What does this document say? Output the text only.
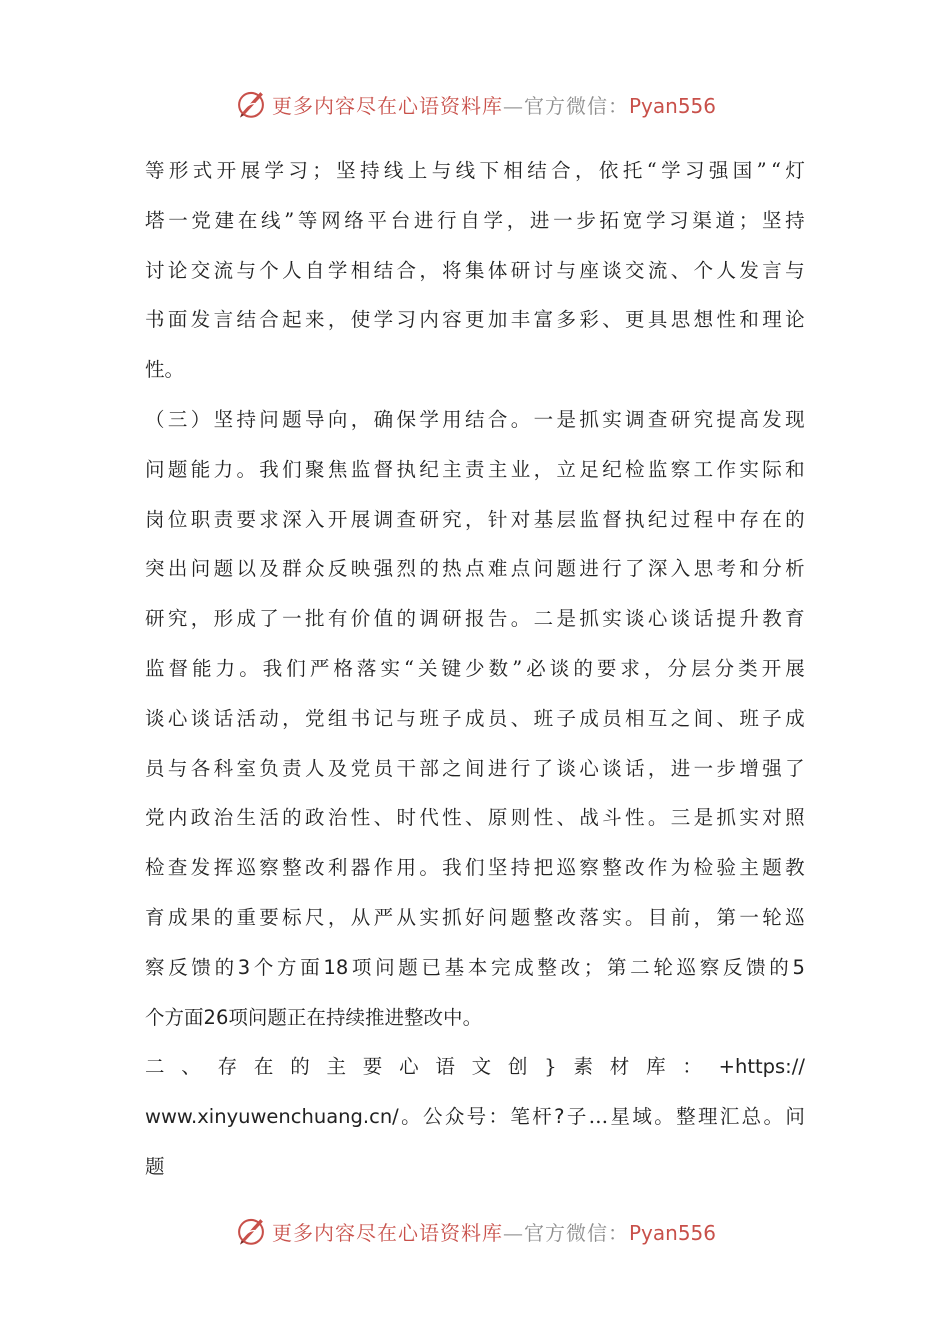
更多内容尽在心语资料库—官方微信：Pyan556
等 形 式 开 展 学 习 ； 坚 持 线 上 与 线 下 相 结 合 ， 依 托 “ 学 习 强 国 ” “ 灯
塔 一 党 建 在 线 ” 等 网 络 平 台 进 行 自 学 ， 进 一 步 拓 宽 学 习 渠 道 ； 坚 持
讨 论 交 流 与 个 人 自 学 相 结 合 ， 将 集 体 研 讨 与 座 谈 交 流 、 个 人 发 言 与
书 面 发 言 结 合 起 来 ， 使 学 习 内 容 更 加 丰 富 多 彩 、 更 具 思 想 性 和 理 论
性 。
（ 三 ） 坚 持 问 题 导 向 ， 确 保 学 用 结 合 。 一 是 抓 实 调 查 研 究 提 高 发 现
问 题 能 力 。 我 们 聚 焦 监 督 执 纪 主 责 主 业 ， 立 足 纪 检 监 察 工 作 实 际 和
岗 位 职 责 要 求 深 入 开 展 调 查 研 究 ， 针 对 基 层 监 督 执 纪 过 程 中 存 在 的
突 出 问 题 以 及 群 众 反 映 强 烈 的 热 点 难 点 问 题 进 行 了 深 入 思 考 和 分 析
研 究 ， 形 成 了 一 批 有 价 值 的 调 研 报 告 。 二 是 抓 实 谈 心 谈 话 提 升 教 育
监 督 能 力 。 我 们 严 格 落 实 “ 关 键 少 数 ” 必 谈 的 要 求 ， 分 层 分 类 开 展
谈 心 谈 话 活 动 ， 党 组 书 记 与 班 子 成 员 、 班 子 成 员 相 互 之 间 、 班 子 成
员 与 各 科 室 负 责 人 及 党 员 干 部 之 间 进 行 了 谈 心 谈 话 ， 进 一 步 增 强 了
党 内 政 治 生 活 的 政 治 性 、 时 代 性 、 原 则 性 、 战 斗 性 。 三 是 抓 实 对 照
检 查 发 挥 巡 察 整 改 利 器 作 用 。 我 们 坚 持 把 巡 察 整 改 作 为 检 验 主 题 教
育 成 果 的 重 要 标 尺 ， 从 严 从 实 抓 好 问 题 整 改 落 实 。 目 前 ， 第 一 轮 巡
察 反 馈 的 3 个 方 面 18 项 问 题 已 基 本 完 成 整 改 ； 第 二 轮 巡 察 反 馈 的 5
个 方 面 26 项 问 题 正 在 持 续 推 进 整 改 中 。
二 、 存 在 的 主 要 心 语 文 创 } 素 材 库 ： +https://
www.xinyuwenchuang.cn/ 。 公 众 号 ： 笔 杆 ? 子 … 星 域 。 整 理 汇 总 。 问
题
更多内容尽在心语资料库—官方微信：Pyan556
